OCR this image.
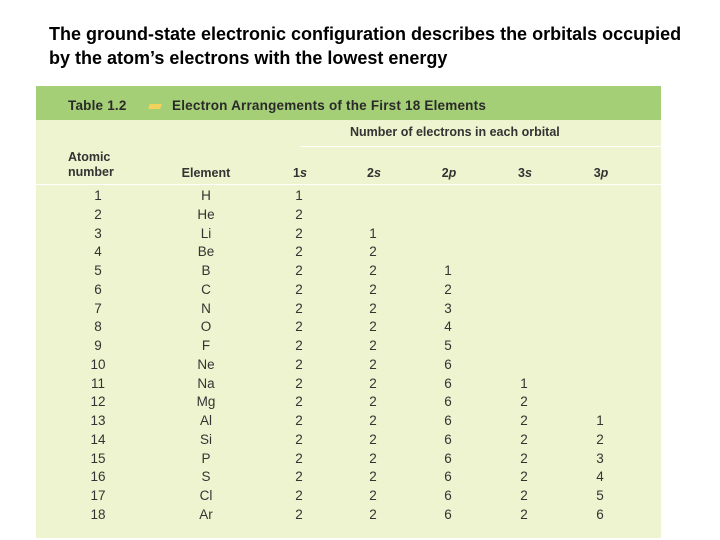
The ground-state electronic configuration describes the orbitals occupied by the atom’s electrons with the lowest energy
Table 1.2	Electron Arrangements of the First 18 Elements
Number of electrons in each orbital
Atomic
number	Element	1s	2s	2p	3s	3p
1	H	1
2	He	2
3	Li	2	1
4	Be	2	2
5	B	2	2	1
6	C	2	2	2
7	N	2	2	3
8	O	2	2	4
9	F	2	2	5
10	Ne	2	2	6
11	Na	2	2	6	1
12	Mg	2	2	6	2
13	Al	2	2	6	2	1
14	Si	2	2	6	2	2
15	P	2	2	6	2	3
16	S	2	2	6	2	4
17	Cl	2	2	6	2	5
18	Ar	2	2	6	2	6
